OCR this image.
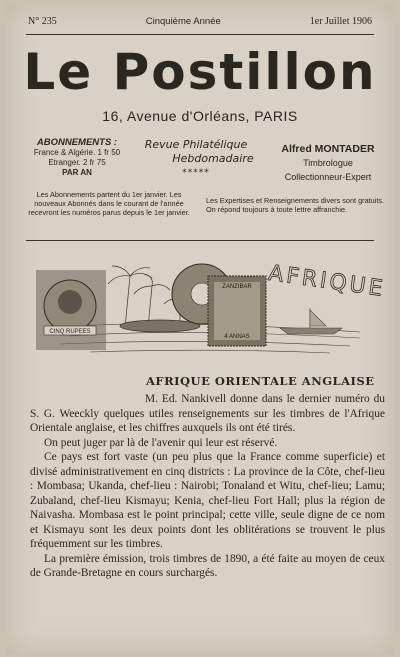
N° 235	Cinquième Année	1er Juillet 1906
Le Postillon
16, Avenue d'Orléans, PARIS
ABONNEMENTS :
France & Algérie. 1 fr 50
Etranger. 2 fr 75
PAR AN
Revue Philatélique
Hebdomadaire
*****
Alfred MONTADER
Timbrologue
Collectionneur-Expert
Les Abonnements partent du 1er janvier. Les nouveaux Abonnés dans le courant de l'année recevront les numéros parus depuis le 1er janvier.
Les Expertises et Renseignements divers sont gratuits. On répond toujours à toute lettre affranchie.
CINQ RUPEES
ZANZIBAR
4 ANNAS
AFRIQUE
AFRIQUE ORIENTALE ANGLAISE

M. Ed. Nankivell donne dans le dernier numéro du S. G. Weeckly quelques utiles renseignements sur les timbres de l'Afrique Orientale anglaise, et les chiffres auxquels ils ont été tirés.

On peut juger par là de l'avenir qui leur est réservé.

Ce pays est fort vaste (un peu plus que la France comme superficie) et divisé administrativement en cinq districts : La province de la Côte, chef-lieu : Mombasa; Ukanda, chef-lieu : Nairobi; Tonaland et Witu, chef-lieu; Lamu; Zubaland, chef-lieu Kismayu; Kenia, chef-lieu Fort Hall; plus la région de Naivasha. Mombasa est le point principal; cette ville, seule digne de ce nom et Kismayu sont les deux points dont les oblitérations se trouvent le plus fréquemment sur les timbres.

La première émission, trois timbres de 1890, a été faite au moyen de ceux de Grande-Bretagne en cours surchargés.
